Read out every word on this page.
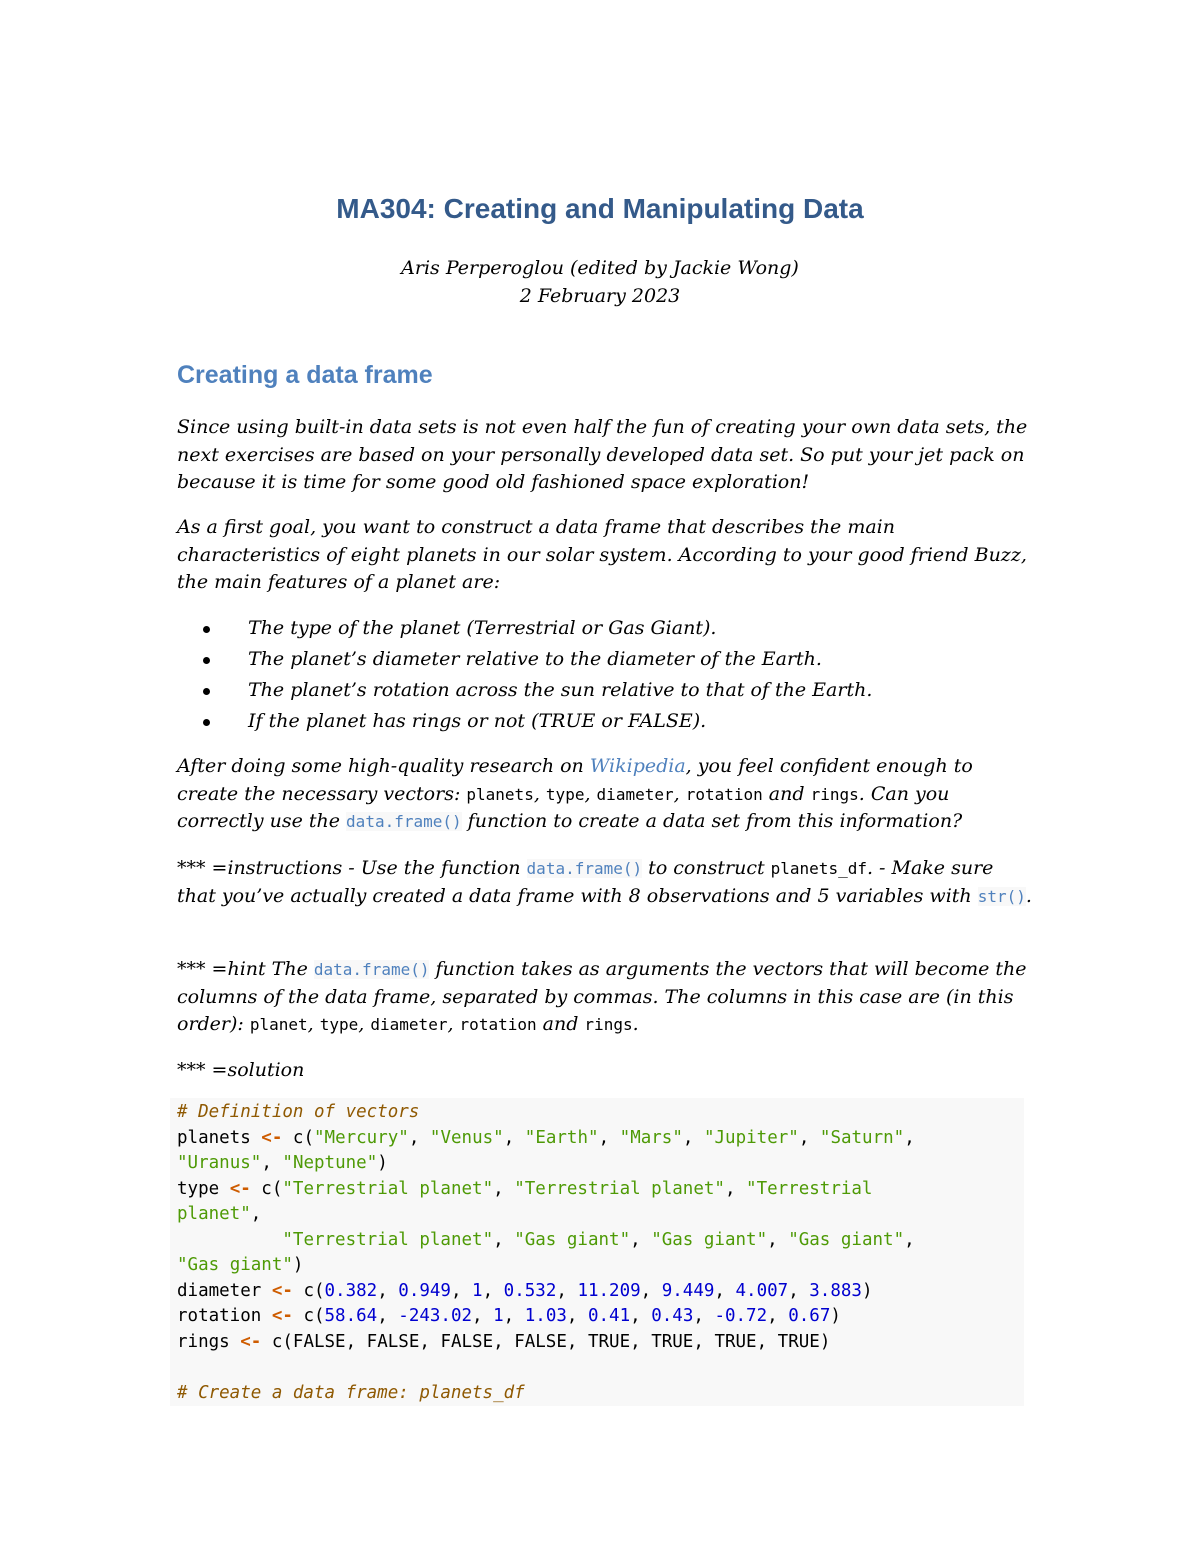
MA304: Creating and Manipulating Data

Aris Perperoglou (edited by Jackie Wong)

2 February 2023

Creating a data frame

Since using built-in data sets is not even half the fun of creating your own data sets, the next exercises are based on your personally developed data set. So put your jet pack on because it is time for some good old fashioned space exploration!

As a first goal, you want to construct a data frame that describes the main characteristics of eight planets in our solar system. According to your good friend Buzz, the main features of a planet are:

The type of the planet (Terrestrial or Gas Giant).
The planet’s diameter relative to the diameter of the Earth.
The planet’s rotation across the sun relative to that of the Earth.
If the planet has rings or not (TRUE or FALSE).

After doing some high-quality research on Wikipedia, you feel confident enough to create the necessary vectors: planets, type, diameter, rotation and rings. Can you correctly use the data.frame() function to create a data set from this information?

*** =instructions - Use the function data.frame() to construct planets_df. - Make sure that you’ve actually created a data frame with 8 observations and 5 variables with str().

*** =hint The data.frame() function takes as arguments the vectors that will become the columns of the data frame, separated by commas. The columns in this case are (in this order): planet, type, diameter, rotation and rings.

*** =solution

# Definition of vectors
planets <- c("Mercury", "Venus", "Earth", "Mars", "Jupiter", "Saturn",
"Uranus", "Neptune")
type <- c("Terrestrial planet", "Terrestrial planet", "Terrestrial
planet",
"Terrestrial planet", "Gas giant", "Gas giant", "Gas giant",
"Gas giant")
diameter <- c(0.382, 0.949, 1, 0.532, 11.209, 9.449, 4.007, 3.883)
rotation <- c(58.64, -243.02, 1, 1.03, 0.41, 0.43, -0.72, 0.67)
rings <- c(FALSE, FALSE, FALSE, FALSE, TRUE, TRUE, TRUE, TRUE)

# Create a data frame: planets_df
